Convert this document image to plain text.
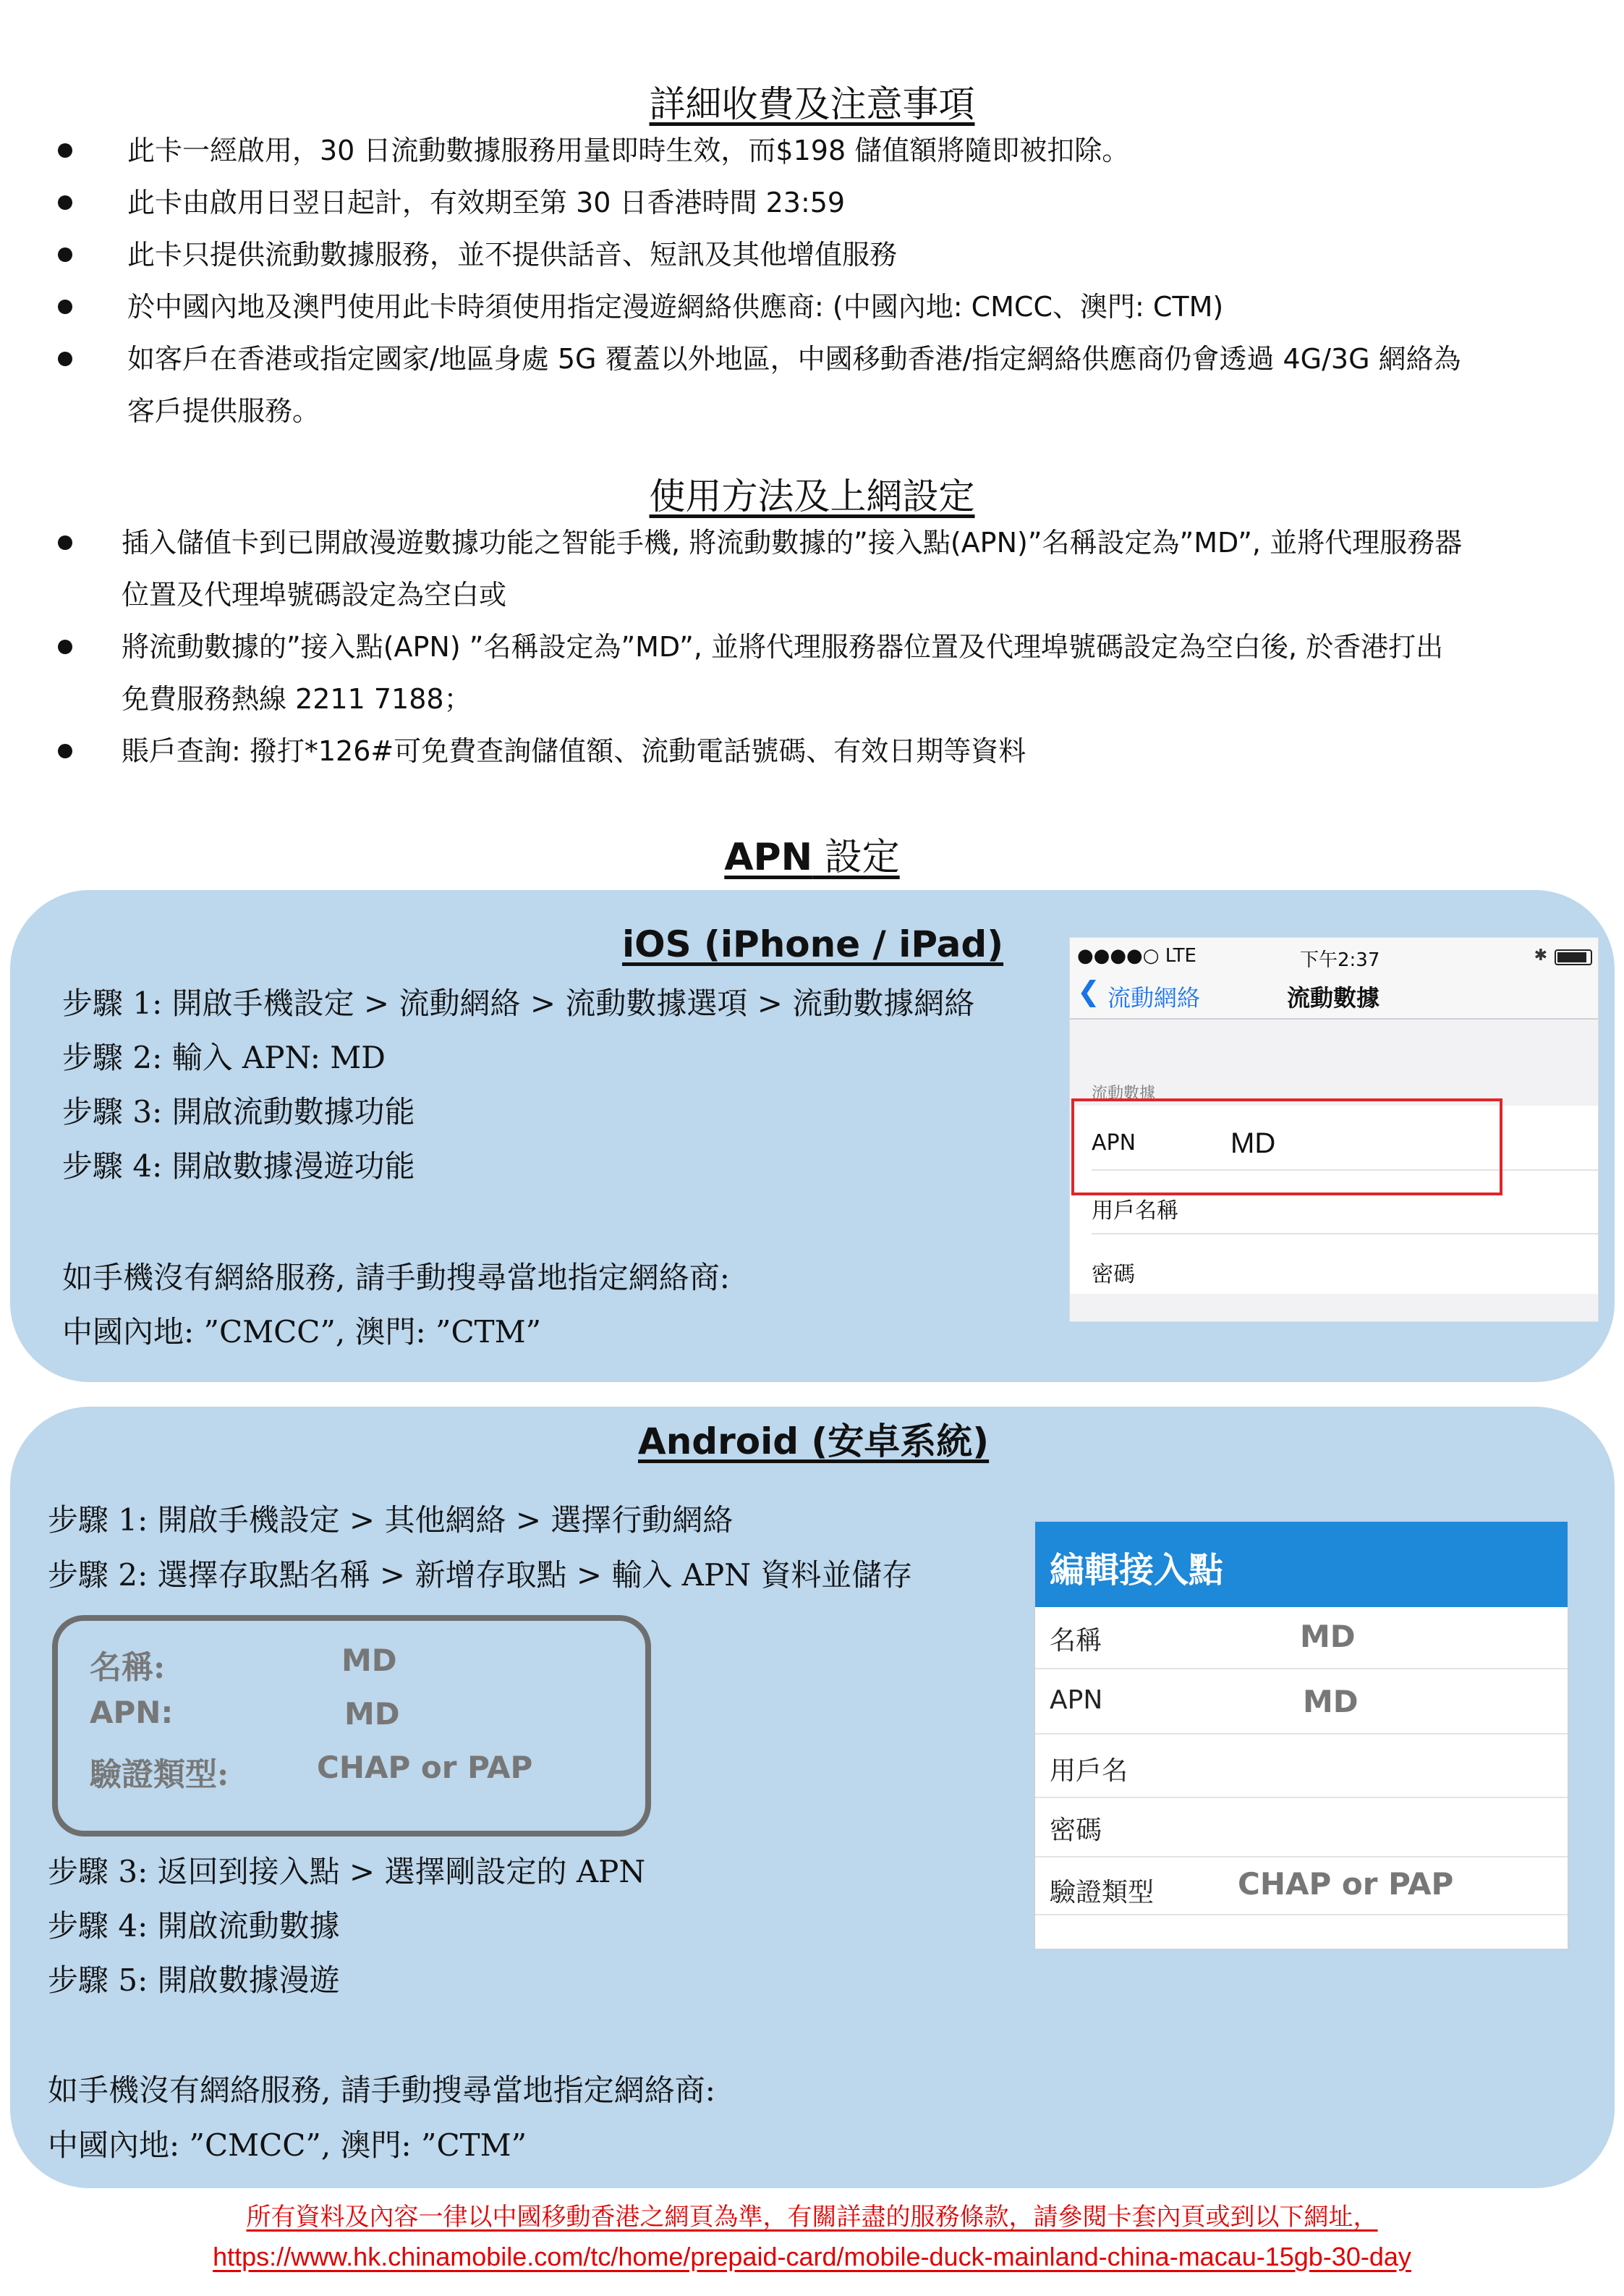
詳細收費及注意事項
此卡一經啟用，30 日流動數據服務用量即時生效，而$198 儲值額將隨即被扣除。
此卡由啟用日翌日起計，有效期至第 30 日香港時間 23:59
此卡只提供流動數據服務，並不提供話音、短訊及其他增值服務
於中國內地及澳門使用此卡時須使用指定漫遊網絡供應商: (中國內地: CMCC、澳門: CTM)
如客戶在香港或指定國家/地區身處 5G 覆蓋以外地區，中國移動香港/指定網絡供應商仍會透過 4G/3G 網絡為
客戶提供服務。
使用方法及上網設定
插入儲值卡到已開啟漫遊數據功能之智能手機, 將流動數據的”接入點(APN)”名稱設定為”MD”, 並將代理服務器
位置及代理埠號碼設定為空白或
將流動數據的”接入點(APN) ”名稱設定為”MD”, 並將代理服務器位置及代理埠號碼設定為空白後, 於香港打出
免費服務熱線 2211 7188；
賬戶查詢: 撥打*126#可免費查詢儲值額、流動電話號碼、有效日期等資料
APN 設定
iOS (iPhone / iPad)
步驟 1: 開啟手機設定 > 流動網絡 > 流動數據選項 > 流動數據網絡
步驟 2: 輸入 APN: MD
步驟 3: 開啟流動數據功能
步驟 4: 開啟數據漫遊功能
如手機沒有網絡服務, 請手動搜尋當地指定網絡商:
中國內地: ”CMCC”, 澳門: ”CTM”
●●●●○ LTE	下午2:37	✱
❮ 流動網絡	流動數據
流動數據
APN	MD
用戶名稱
密碼
Android (安卓系統)
步驟 1: 開啟手機設定 > 其他網絡 > 選擇行動網絡
步驟 2: 選擇存取點名稱 > 新增存取點 > 輸入 APN 資料並儲存
名稱:	MD
APN:	MD
驗證類型:	CHAP or PAP
步驟 3: 返回到接入點 > 選擇剛設定的 APN
步驟 4: 開啟流動數據
步驟 5: 開啟數據漫遊
如手機沒有網絡服務, 請手動搜尋當地指定網絡商:
中國內地: ”CMCC”, 澳門: ”CTM”
編輯接入點
名稱	MD
APN	MD
用戶名
密碼
驗證類型	CHAP or PAP
所有資料及內容一律以中國移動香港之網頁為準，有關詳盡的服務條款，請參閱卡套內頁或到以下網址，
https://www.hk.chinamobile.com/tc/home/prepaid-card/mobile-duck-mainland-china-macau-15gb-30-day
